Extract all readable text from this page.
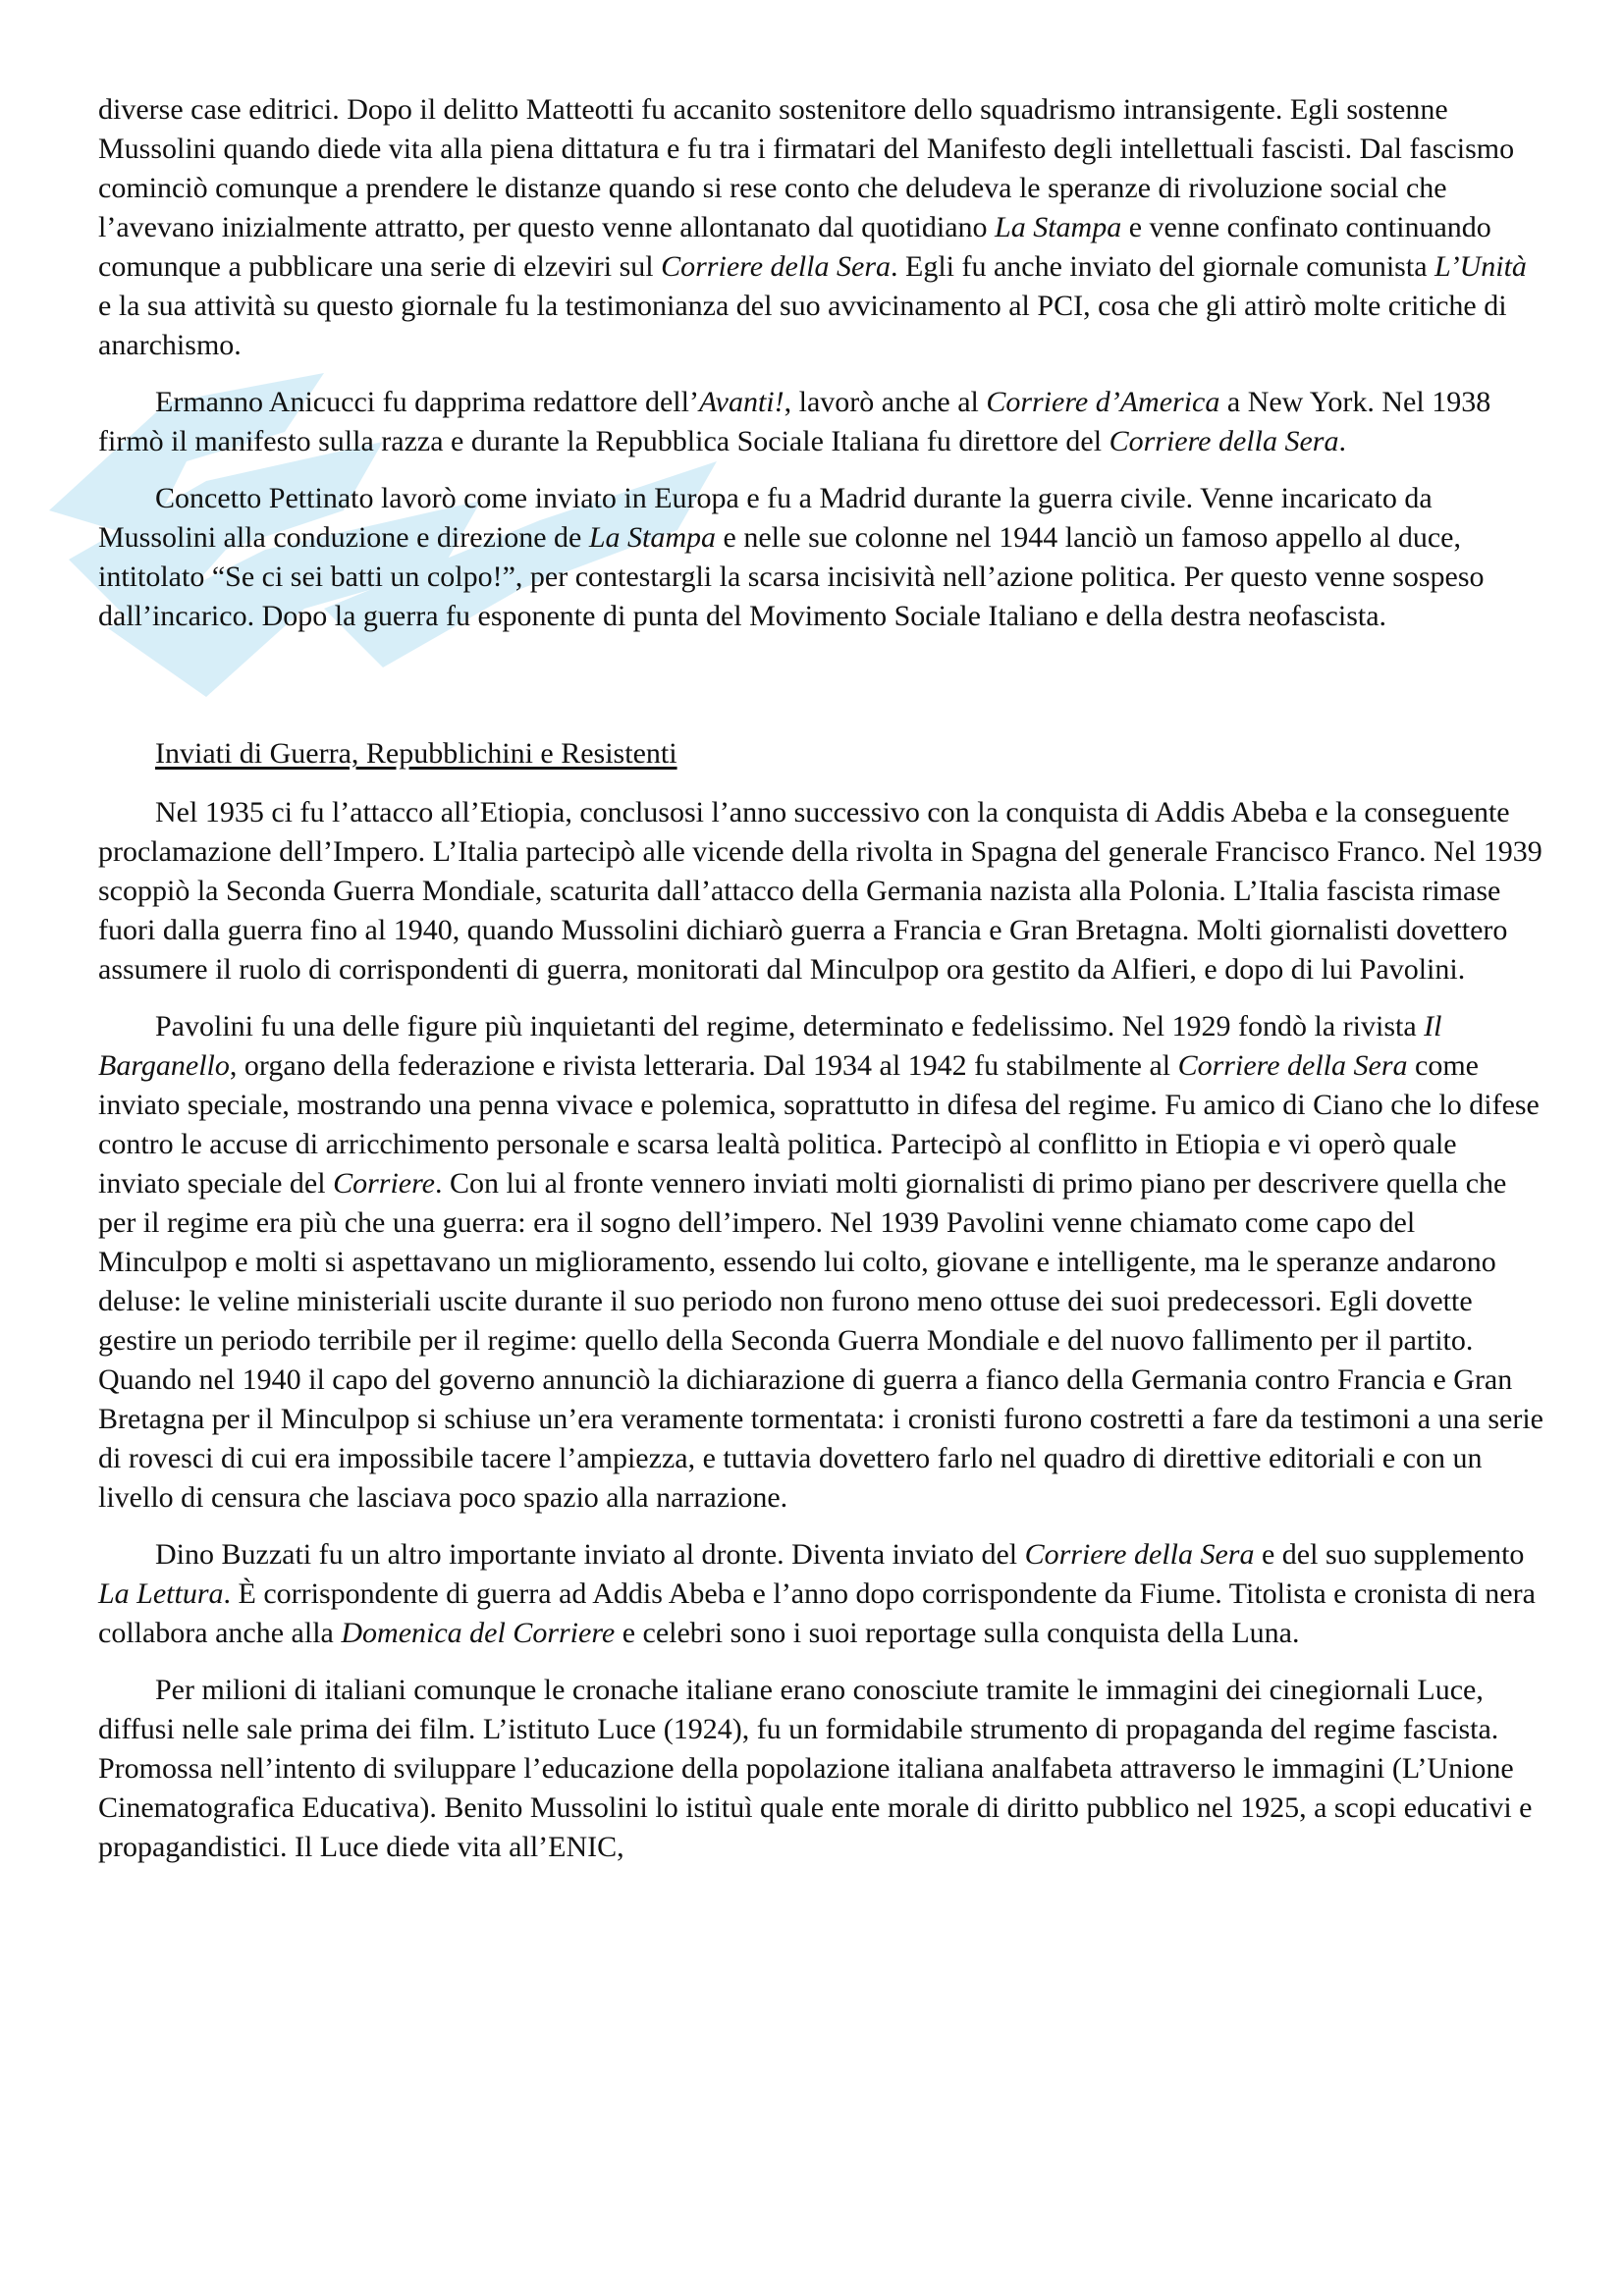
diverse case editrici. Dopo il delitto Matteotti fu accanito sostenitore dello squadrismo intransigente. Egli sostenne Mussolini quando diede vita alla piena dittatura e fu tra i firmatari del Manifesto degli intellettuali fascisti. Dal fascismo cominciò comunque a prendere le distanze quando si rese conto che deludeva le speranze di rivoluzione social che l’avevano inizialmente attratto, per questo venne allontanato dal quotidiano La Stampa e venne confinato continuando comunque a pubblicare una serie di elzeviri sul Corriere della Sera. Egli fu anche inviato del giornale comunista L’Unità e la sua attività su questo giornale fu la testimonianza del suo avvicinamento al PCI, cosa che gli attirò molte critiche di anarchismo.

Ermanno Anicucci fu dapprima redattore dell’Avanti!, lavorò anche al Corriere d’America a New York. Nel 1938 firmò il manifesto sulla razza e durante la Repubblica Sociale Italiana fu direttore del Corriere della Sera.

Concetto Pettinato lavorò come inviato in Europa e fu a Madrid durante la guerra civile. Venne incaricato da Mussolini alla conduzione e direzione de La Stampa e nelle sue colonne nel 1944 lanciò un famoso appello al duce, intitolato “Se ci sei batti un colpo!”, per contestargli la scarsa incisività nell’azione politica. Per questo venne sospeso dall’incarico. Dopo la guerra fu esponente di punta del Movimento Sociale Italiano e della destra neofascista.

Inviati di Guerra, Repubblichini e Resistenti

Nel 1935 ci fu l’attacco all’Etiopia, conclusosi l’anno successivo con la conquista di Addis Abeba e la conseguente proclamazione dell’Impero. L’Italia partecipò alle vicende della rivolta in Spagna del generale Francisco Franco. Nel 1939 scoppiò la Seconda Guerra Mondiale, scaturita dall’attacco della Germania nazista alla Polonia. L’Italia fascista rimase fuori dalla guerra fino al 1940, quando Mussolini dichiarò guerra a Francia e Gran Bretagna. Molti giornalisti dovettero assumere il ruolo di corrispondenti di guerra, monitorati dal Minculpop ora gestito da Alfieri, e dopo di lui Pavolini.

Pavolini fu una delle figure più inquietanti del regime, determinato e fedelissimo. Nel 1929 fondò la rivista Il Barganello, organo della federazione e rivista letteraria. Dal 1934 al 1942 fu stabilmente al Corriere della Sera come inviato speciale, mostrando una penna vivace e polemica, soprattutto in difesa del regime. Fu amico di Ciano che lo difese contro le accuse di arricchimento personale e scarsa lealtà politica. Partecipò al conflitto in Etiopia e vi operò quale inviato speciale del Corriere. Con lui al fronte vennero inviati molti giornalisti di primo piano per descrivere quella che per il regime era più che una guerra: era il sogno dell’impero. Nel 1939 Pavolini venne chiamato come capo del Minculpop e molti si aspettavano un miglioramento, essendo lui colto, giovane e intelligente, ma le speranze andarono deluse: le veline ministeriali uscite durante il suo periodo non furono meno ottuse dei suoi predecessori. Egli dovette gestire un periodo terribile per il regime: quello della Seconda Guerra Mondiale e del nuovo fallimento per il partito. Quando nel 1940 il capo del governo annunciò la dichiarazione di guerra a fianco della Germania contro Francia e Gran Bretagna per il Minculpop si schiuse un’era veramente tormentata: i cronisti furono costretti a fare da testimoni a una serie di rovesci di cui era impossibile tacere l’ampiezza, e tuttavia dovettero farlo nel quadro di direttive editoriali e con un livello di censura che lasciava poco spazio alla narrazione.

Dino Buzzati fu un altro importante inviato al dronte. Diventa inviato del Corriere della Sera e del suo supplemento La Lettura. È corrispondente di guerra ad Addis Abeba e l’anno dopo corrispondente da Fiume. Titolista e cronista di nera collabora anche alla Domenica del Corriere e celebri sono i suoi reportage sulla conquista della Luna.

Per milioni di italiani comunque le cronache italiane erano conosciute tramite le immagini dei cinegiornali Luce, diffusi nelle sale prima dei film. L’istituto Luce (1924), fu un formidabile strumento di propaganda del regime fascista. Promossa nell’intento di sviluppare l’educazione della popolazione italiana analfabeta attraverso le immagini (L’Unione Cinematografica Educativa). Benito Mussolini lo istituì quale ente morale di diritto pubblico nel 1925, a scopi educativi e propagandistici. Il Luce diede vita all’ENIC,
